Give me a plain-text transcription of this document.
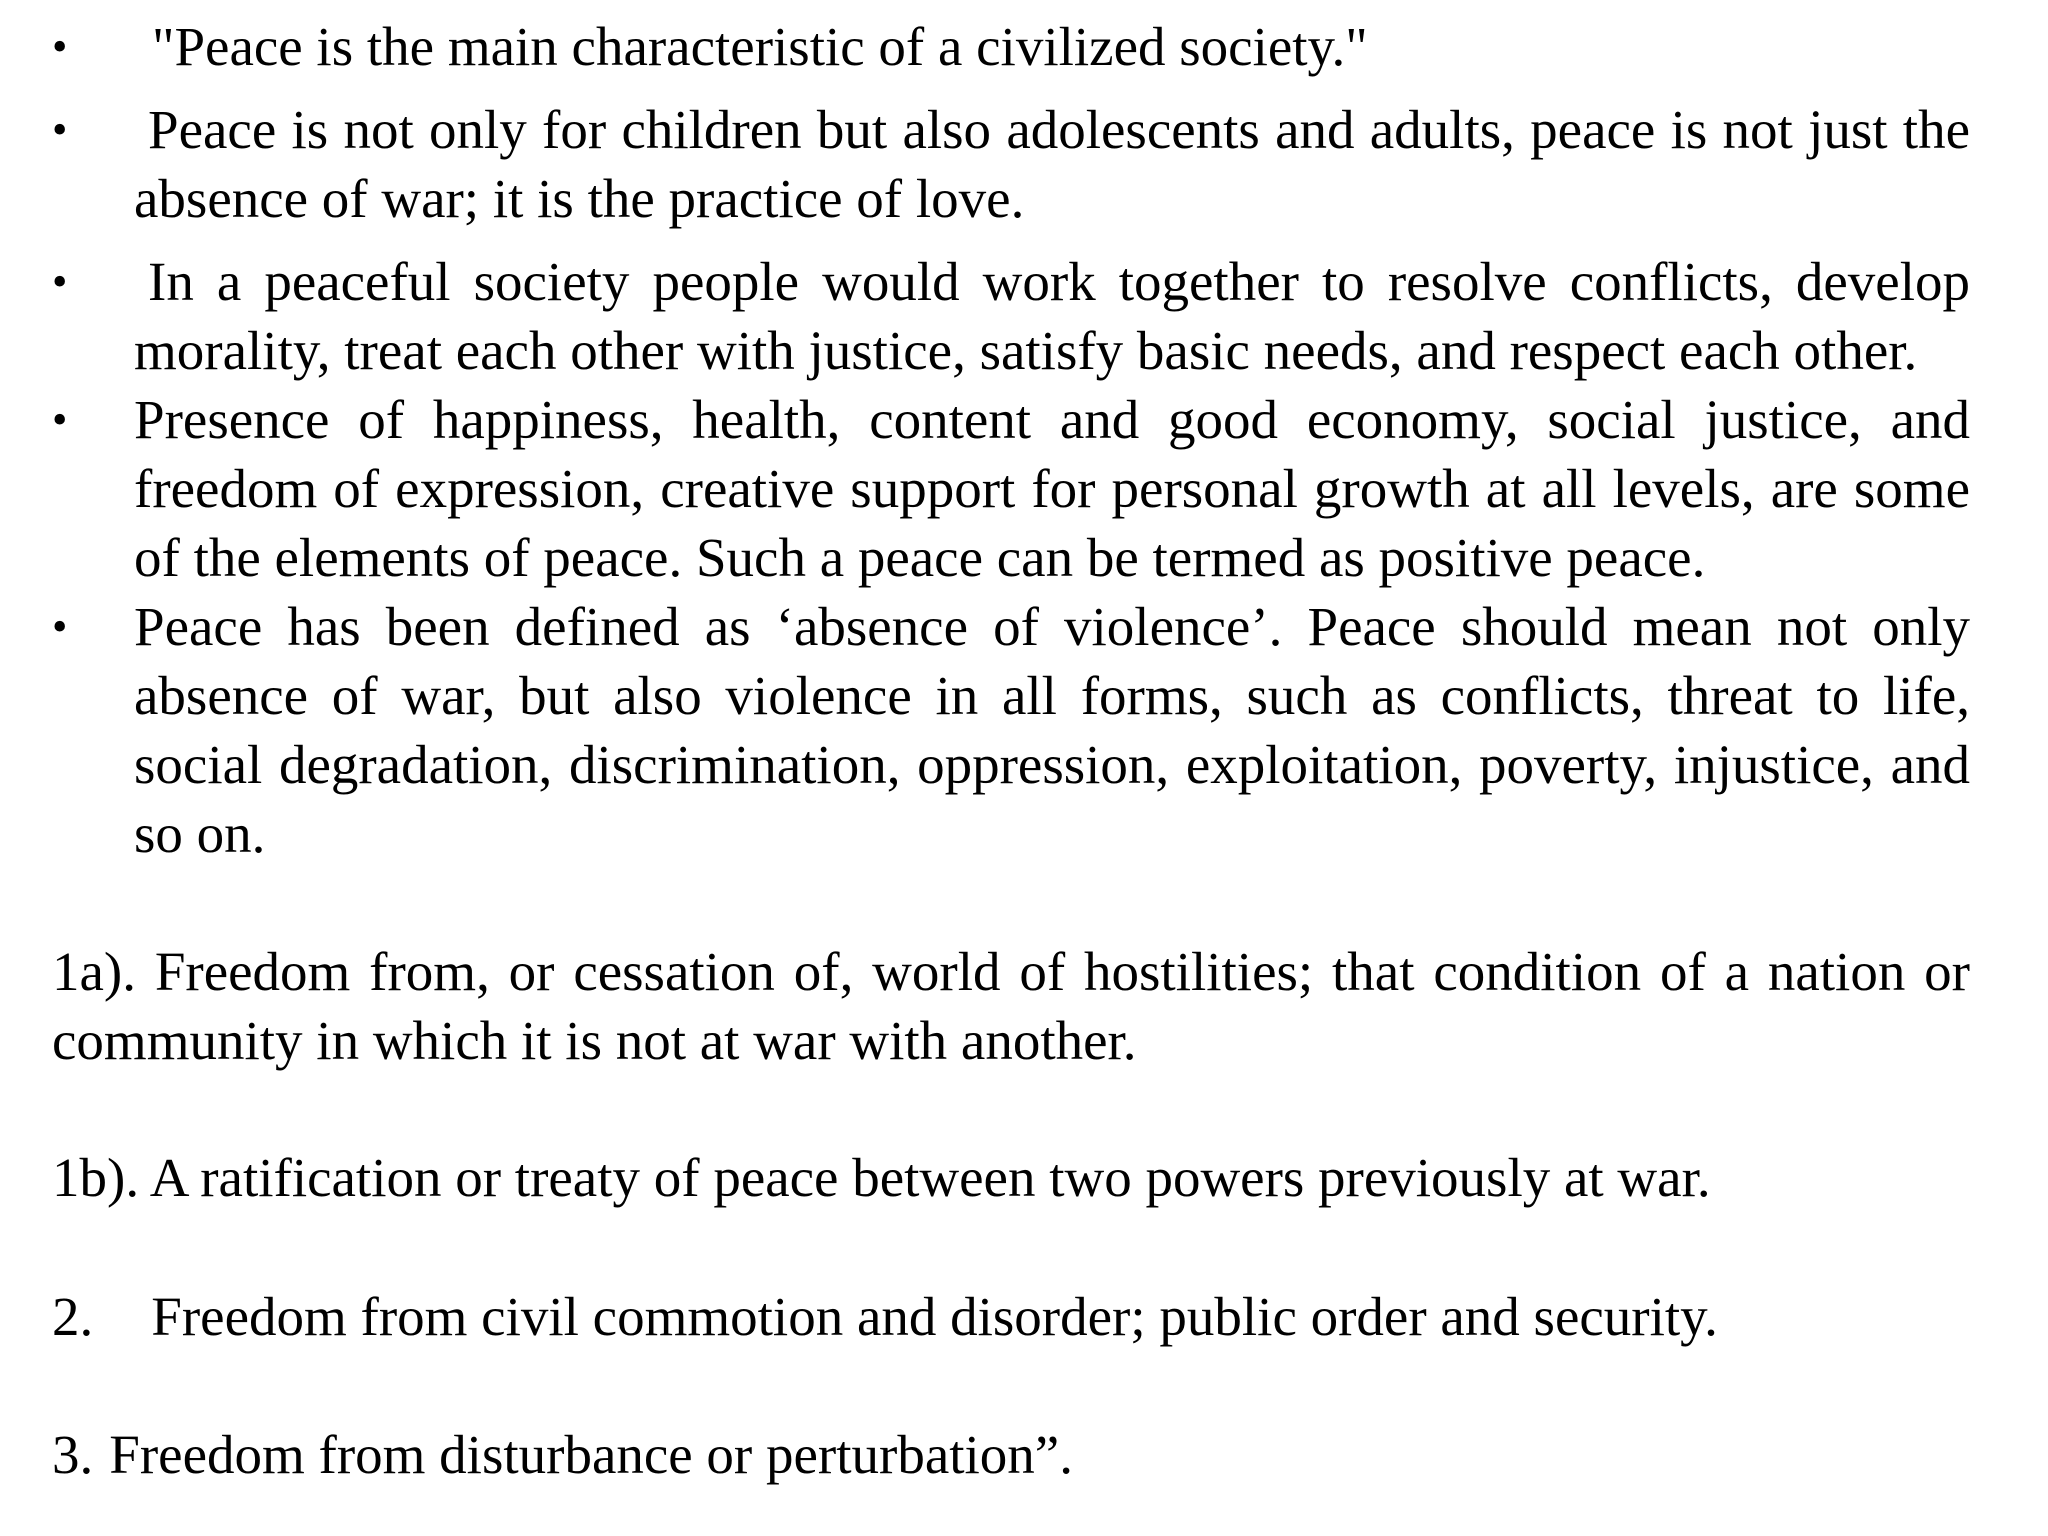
•	"Peace is the main characteristic of a civilized society."
•	Peace is not only for children but also adolescents and adults, peace is not just the absence of war; it is the practice of love.
•	In a peaceful society people would work together to resolve conflicts, develop morality, treat each other with justice, satisfy basic needs, and respect each other.
•	Presence of happiness, health, content and good economy, social justice, and freedom of expression, creative support for personal growth at all levels, are some of the elements of peace. Such a peace can be termed as positive peace.
•	Peace has been defined as ‘absence of violence’. Peace should mean not only absence of war, but also violence in all forms, such as conflicts, threat to life, social degradation, discrimination, oppression, exploitation, poverty, injustice, and so on.

1a). Freedom from, or cessation of, world of hostilities; that condition of a nation or community in which it is not at war with another.

1b). A ratification or treaty of peace between two powers previously at war.

2. Freedom from civil commotion and disorder; public order and security.

3. Freedom from disturbance or perturbation”.
